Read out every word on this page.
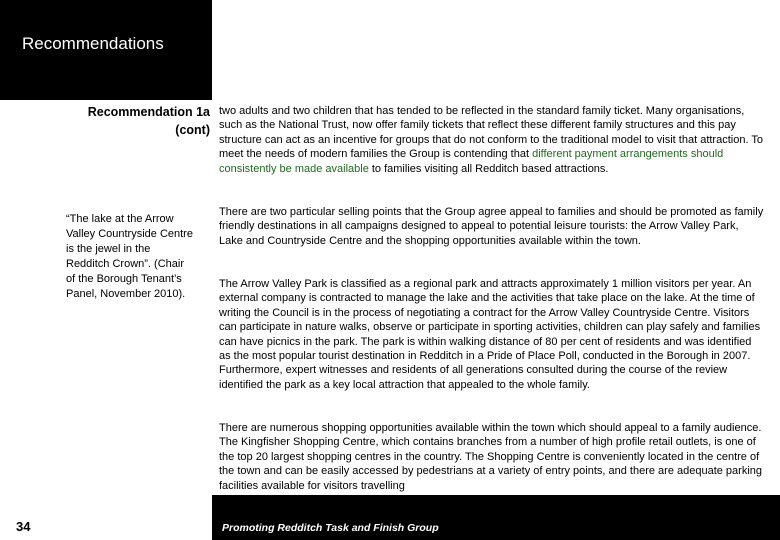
Recommendations
Recommendation 1a
(cont)
“The lake at the Arrow Valley Countryside Centre is the jewel in the Redditch Crown”. (Chair of the Borough Tenant’s Panel, November 2010).
two adults and two children that has tended to be reflected in the standard family ticket. Many organisations, such as the National Trust, now offer family tickets that reflect these different family structures and this pay structure can act as an incentive for groups that do not conform to the traditional model to visit that attraction. To meet the needs of modern families the Group is contending that different payment arrangements should consistently be made available to families visiting all Redditch based attractions.
There are two particular selling points that the Group agree appeal to families and should be promoted as family friendly destinations in all campaigns designed to appeal to potential leisure tourists: the Arrow Valley Park, Lake and Countryside Centre and the shopping opportunities available within the town.
The Arrow Valley Park is classified as a regional park and attracts approximately 1 million visitors per year. An external company is contracted to manage the lake and the activities that take place on the lake. At the time of writing the Council is in the process of negotiating a contract for the Arrow Valley Countryside Centre. Visitors can participate in nature walks, observe or participate in sporting activities, children can play safely and families can have picnics in the park. The park is within walking distance of 80 per cent of residents and was identified as the most popular tourist destination in Redditch in a Pride of Place Poll, conducted in the Borough in 2007. Furthermore, expert witnesses and residents of all generations consulted during the course of the review identified the park as a key local attraction that appealed to the whole family.
There are numerous shopping opportunities available within the town which should appeal to a family audience. The Kingfisher Shopping Centre, which contains branches from a number of high profile retail outlets, is one of the top 20 largest shopping centres in the country. The Shopping Centre is conveniently located in the centre of the town and can be easily accessed by pedestrians at a variety of entry points, and there are adequate parking facilities available for visitors travelling
34	Promoting Redditch Task and Finish Group
